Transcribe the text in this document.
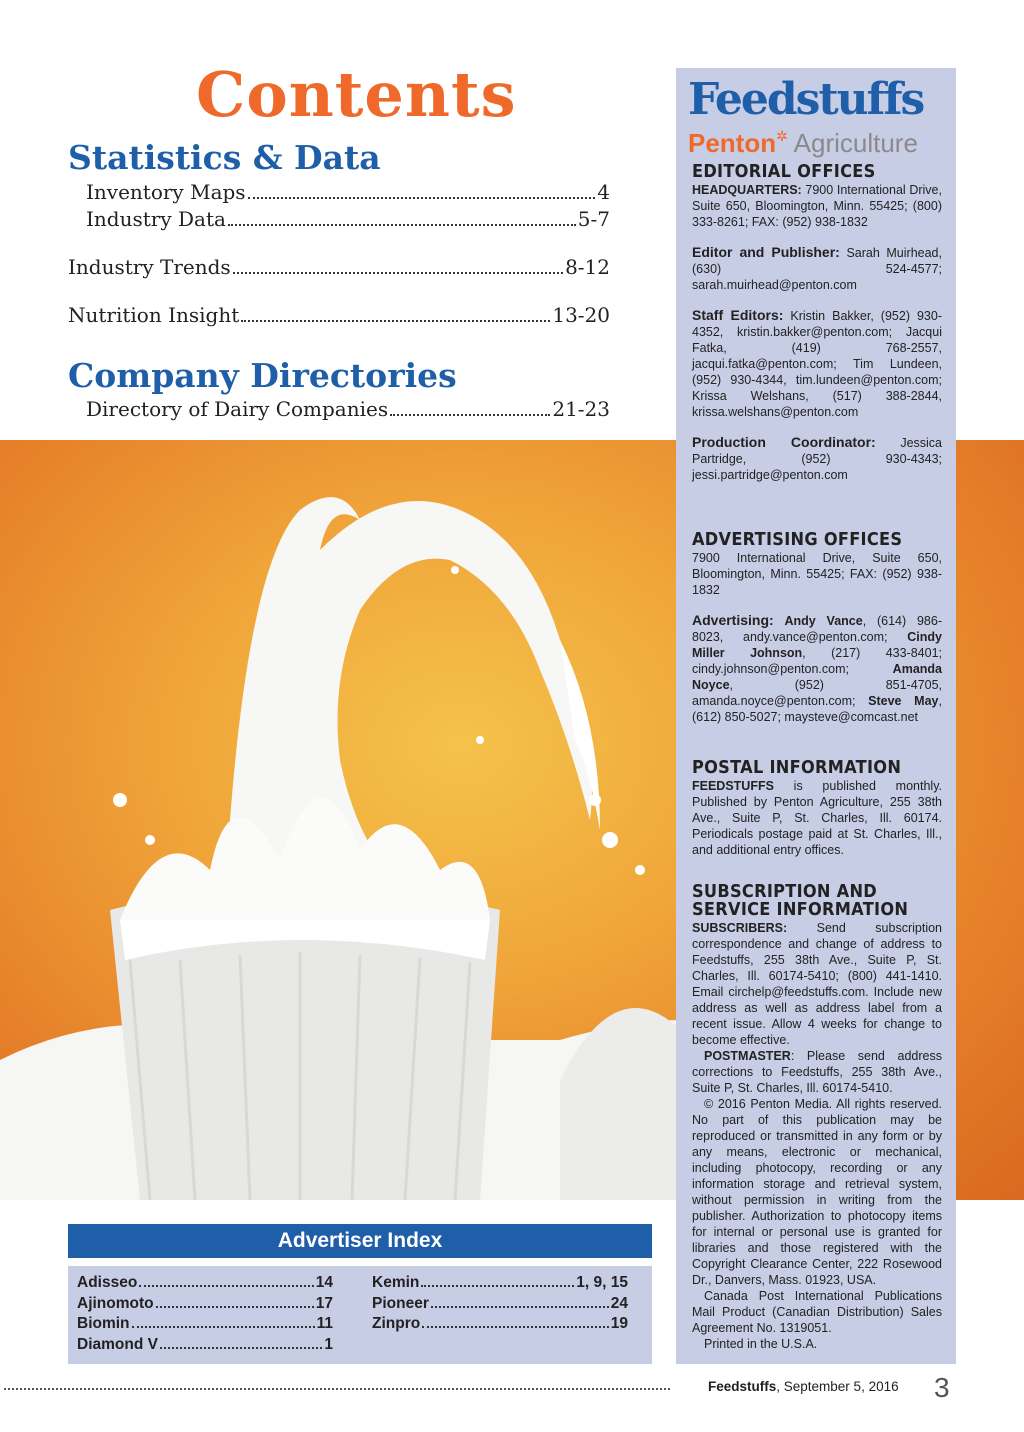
Contents
Statistics & Data
Inventory Maps	4
Industry Data	5-7
Industry Trends	8-12
Nutrition Insight	13-20
Company Directories
Directory of Dairy Companies	21-23
Feedstuffs
Penton✲ Agriculture
EDITORIAL OFFICES

HEADQUARTERS: 7900 International Drive, Suite 650, Bloomington, Minn. 55425; (800) 333-8261; FAX: (952) 938-1832

Editor and Publisher: Sarah Muirhead, (630) 524-4577; sarah.muirhead@penton.com

Staff Editors: Kristin Bakker, (952) 930-4352, kristin.bakker@penton.com; Jacqui Fatka, (419) 768-2557, jacqui.fatka@penton.com; Tim Lundeen, (952) 930-4344, tim.lundeen@penton.com; Krissa Welshans, (517) 388-2844, krissa.welshans@penton.com

Production Coordinator: Jessica Partridge, (952) 930-4343; jessi.partridge@penton.com

ADVERTISING OFFICES

7900 International Drive, Suite 650, Bloomington, Minn. 55425; FAX: (952) 938-1832

Advertising: Andy Vance, (614) 986-8023, andy.vance@penton.com; Cindy Miller Johnson, (217) 433-8401; cindy.johnson@penton.com; Amanda Noyce, (952) 851-4705, amanda.noyce@penton.com; Steve May, (612) 850-5027; maysteve@comcast.net

POSTAL INFORMATION

FEEDSTUFFS is published monthly. Published by Penton Agriculture, 255 38th Ave., Suite P, St. Charles, Ill. 60174. Periodicals postage paid at St. Charles, Ill., and additional entry offices.

SUBSCRIPTION AND
SERVICE INFORMATION

SUBSCRIBERS: Send subscription correspondence and change of address to Feedstuffs, 255 38th Ave., Suite P, St. Charles, Ill. 60174-5410; (800) 441-1410. Email circhelp@feedstuffs.com. Include new address as well as address label from a recent issue. Allow 4 weeks for change to become effective.

POSTMASTER: Please send address corrections to Feedstuffs, 255 38th Ave., Suite P, St. Charles, Ill. 60174-5410.

© 2016 Penton Media. All rights reserved. No part of this publication may be reproduced or transmitted in any form or by any means, electronic or mechanical, including photocopy, recording or any information storage and retrieval system, without permission in writing from the publisher. Authorization to photocopy items for internal or personal use is granted for libraries and those registered with the Copyright Clearance Center, 222 Rosewood Dr., Danvers, Mass. 01923, USA.

Canada Post International Publications Mail Product (Canadian Distribution) Sales Agreement No. 1319051.

Printed in the U.S.A.

Advertiser Index
Adisseo	14
Ajinomoto	17
Biomin	11
Diamond V	1
Kemin	1, 9, 15
Pioneer	24
Zinpro	19
Feedstuffs, September 5, 2016 3
